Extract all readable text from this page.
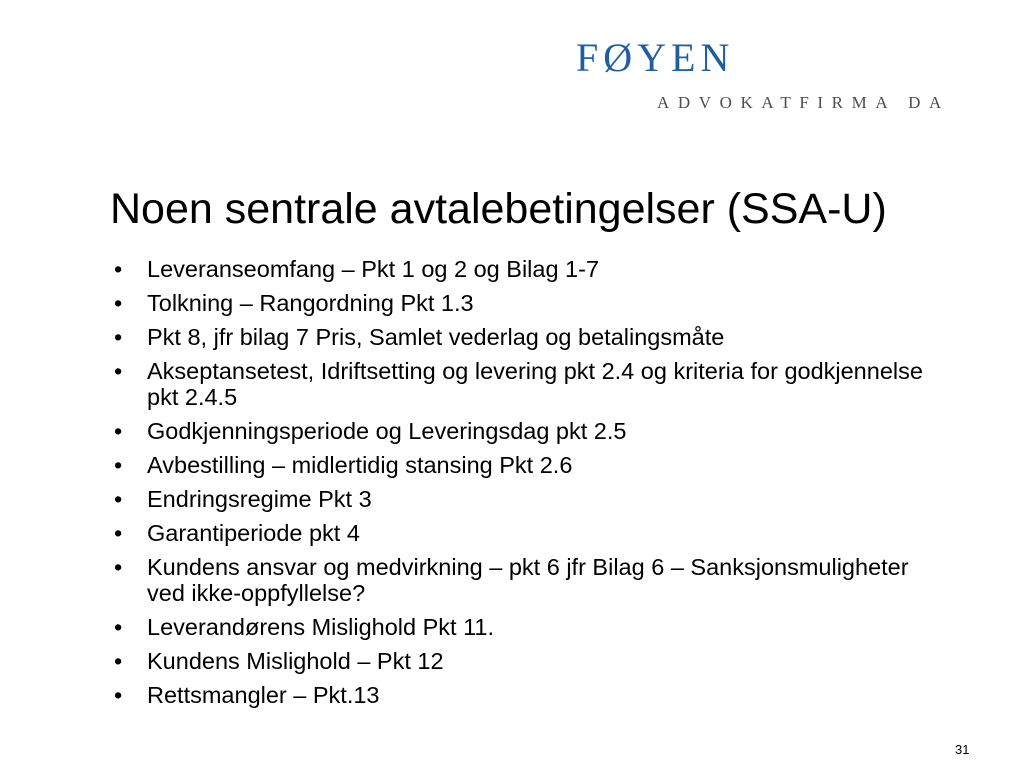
FØYEN
ADVOKATFIRMA DA
Noen sentrale avtalebetingelser (SSA-U)
• Leveranseomfang – Pkt 1 og 2 og Bilag 1-7
• Tolkning – Rangordning Pkt 1.3
• Pkt 8, jfr bilag 7 Pris, Samlet vederlag og betalingsmåte
• Akseptansetest, Idriftsetting og levering pkt 2.4 og kriteria for godkjennelse pkt 2.4.5
• Godkjenningsperiode og Leveringsdag pkt 2.5
• Avbestilling – midlertidig stansing Pkt 2.6
• Endringsregime Pkt 3
• Garantiperiode pkt 4
• Kundens ansvar og medvirkning – pkt 6 jfr Bilag 6 – Sanksjonsmuligheter ved ikke-oppfyllelse?
• Leverandørens Mislighold Pkt 11.
• Kundens Mislighold – Pkt 12
• Rettsmangler – Pkt.13
31
